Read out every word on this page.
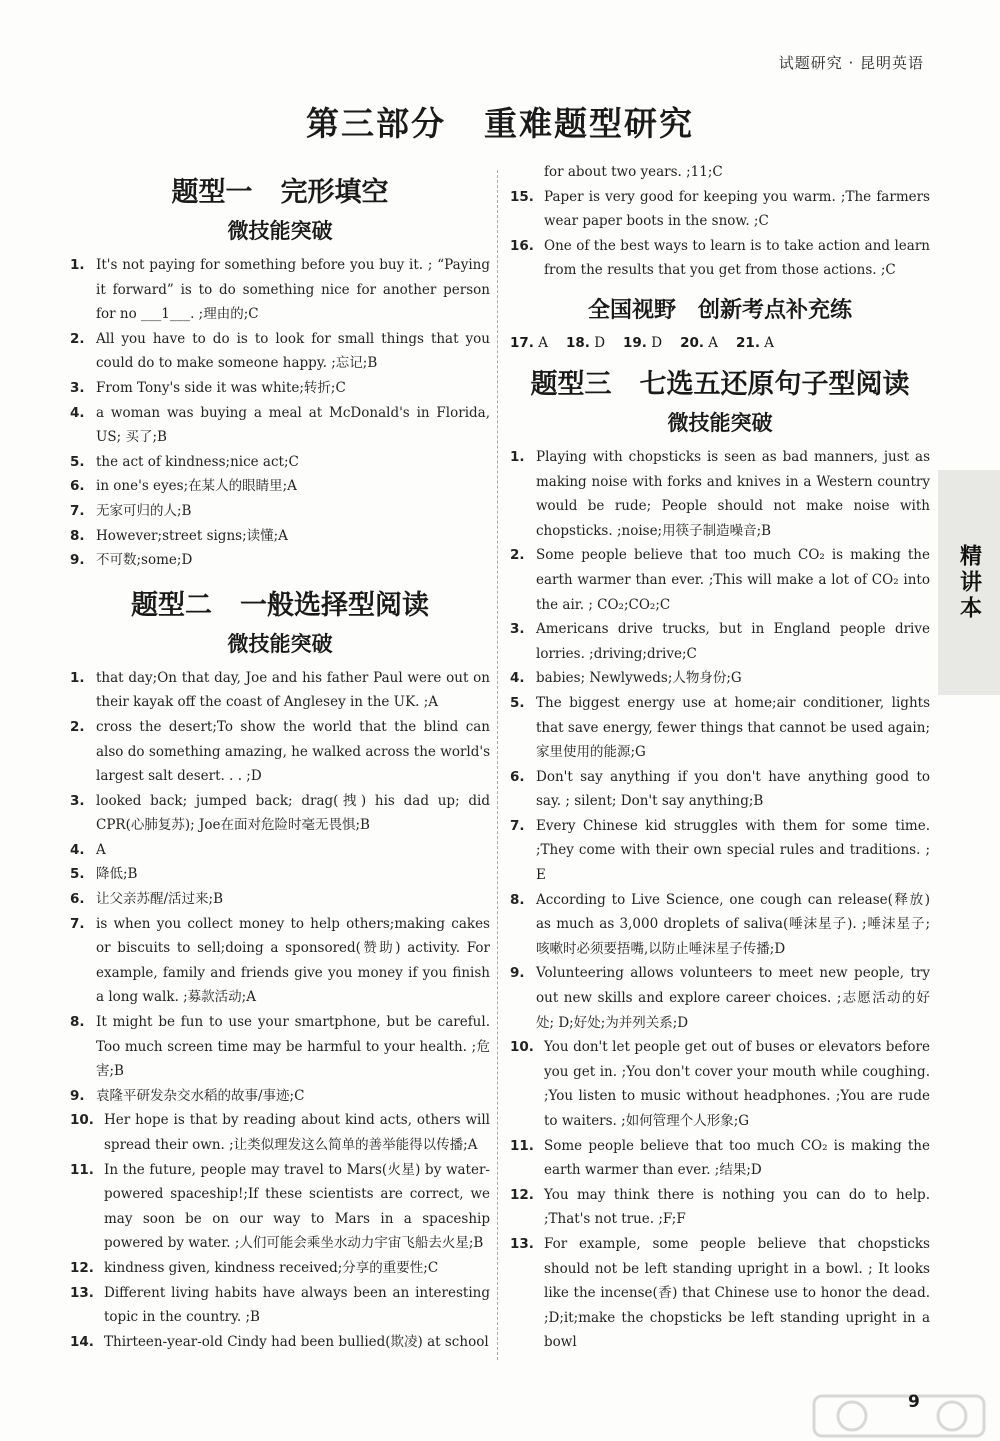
试题研究 · 昆明英语
第三部分 重难题型研究
题型一 完形填空
微技能突破
1. It's not paying for something before you buy it. ; “Paying it forward” is to do something nice for another person for no ___1___. ;理由的;C
2. All you have to do is to look for small things that you could do to make someone happy. ;忘记;B
3. From Tony's side it was white;转折;C
4. a woman was buying a meal at McDonald's in Florida, US; 买了;B
5. the act of kindness;nice act;C
6. in one's eyes;在某人的眼睛里;A
7. 无家可归的人;B
8. However;street signs;读懂;A
9. 不可数;some;D
题型二 一般选择型阅读
微技能突破
1. that day;On that day, Joe and his father Paul were out on their kayak off the coast of Anglesey in the UK. ;A
2. cross the desert;To show the world that the blind can also do something amazing, he walked across the world's largest salt desert. . . ;D
3. looked back; jumped back; drag(拽) his dad up; did CPR(心肺复苏); Joe在面对危险时毫无畏惧;B
4. A
5. 降低;B
6. 让父亲苏醒/活过来;B
7. is when you collect money to help others;making cakes or biscuits to sell;doing a sponsored(赞助) activity. For example, family and friends give you money if you finish a long walk. ;募款活动;A
8. It might be fun to use your smartphone, but be careful. Too much screen time may be harmful to your health. ;危害;B
9. 袁隆平研发杂交水稻的故事/事迹;C
10. Her hope is that by reading about kind acts, others will spread their own. ;让类似理发这么简单的善举能得以传播;A
11. In the future, people may travel to Mars(火星) by water-powered spaceship!;If these scientists are correct, we may soon be on our way to Mars in a spaceship powered by water. ;人们可能会乘坐水动力宇宙飞船去火星;B
12. kindness given, kindness received;分享的重要性;C
13. Different living habits have always been an interesting topic in the country. ;B
14. Thirteen-year-old Cindy had been bullied(欺凌) at school
for about two years. ;11;C
15. Paper is very good for keeping you warm. ;The farmers wear paper boots in the snow. ;C
16. One of the best ways to learn is to take action and learn from the results that you get from those actions. ;C
全国视野 创新考点补充练
17. A 18. D 19. D 20. A 21. A
题型三 七选五还原句子型阅读
微技能突破
1. Playing with chopsticks is seen as bad manners, just as making noise with forks and knives in a Western country would be rude; People should not make noise with chopsticks. ;noise;用筷子制造噪音;B
2. Some people believe that too much CO₂ is making the earth warmer than ever. ;This will make a lot of CO₂ into the air. ; CO₂;CO₂;C
3. Americans drive trucks, but in England people drive lorries. ;driving;drive;C
4. babies; Newlyweds;人物身份;G
5. The biggest energy use at home;air conditioner, lights that save energy, fewer things that cannot be used again;家里使用的能源;G
6. Don't say anything if you don't have anything good to say. ; silent; Don't say anything;B
7. Every Chinese kid struggles with them for some time. ;They come with their own special rules and traditions. ; E
8. According to Live Science, one cough can release(释放) as much as 3,000 droplets of saliva(唾沫星子). ;唾沫星子; 咳嗽时必须要捂嘴,以防止唾沫星子传播;D
9. Volunteering allows volunteers to meet new people, try out new skills and explore career choices. ;志愿活动的好处; D;好处;为并列关系;D
10. You don't let people get out of buses or elevators before you get in. ;You don't cover your mouth while coughing. ;You listen to music without headphones. ;You are rude to waiters. ;如何管理个人形象;G
11. Some people believe that too much CO₂ is making the earth warmer than ever. ;结果;D
12. You may think there is nothing you can do to help. ;That's not true. ;F;F
13. For example, some people believe that chopsticks should not be left standing upright in a bowl. ; It looks like the incense(香) that Chinese use to honor the dead. ;D;it;make the chopsticks be left standing upright in a bowl
精讲本
9
